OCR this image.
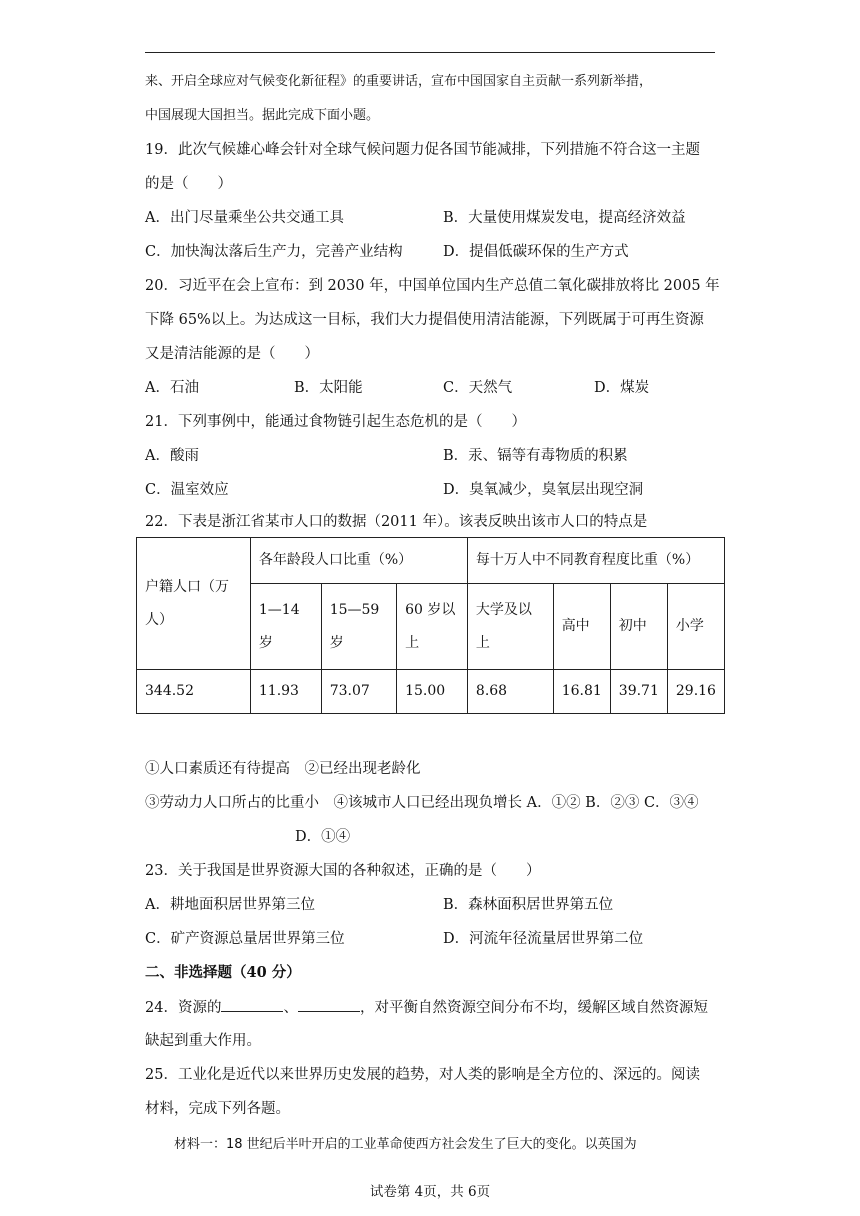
来、开启全球应对气候变化新征程》的重要讲话，宣布中国国家自主贡献一系列新举措，
中国展现大国担当。据此完成下面小题。
19．此次气候雄心峰会针对全球气候问题力促各国节能减排，下列措施不符合这一主题
的是（　　）
A．出门尽量乘坐公共交通工具	B．大量使用煤炭发电，提高经济效益
C．加快淘汰落后生产力，完善产业结构	D．提倡低碳环保的生产方式
20．习近平在会上宣布：到 2030 年，中国单位国内生产总值二氧化碳排放将比 2005 年
下降 65%以上。为达成这一目标，我们大力提倡使用清洁能源，下列既属于可再生资源
又是清洁能源的是（　　）
A．石油	B．太阳能	C．天然气	D．煤炭
21．下列事例中，能通过食物链引起生态危机的是（　　）
A．酸雨	B．汞、镉等有毒物质的积累
C．温室效应	D．臭氧减少，臭氧层出现空洞
22．下表是浙江省某市人口的数据（2011 年）。该表反映出该市人口的特点是
户籍人口（万人）	各年龄段人口比重（%）			每十万人中不同教育程度比重（%）			
	1—14岁	15—59岁	60 岁以上	大学及以上	高中	初中	小学
344.52	11.93	73.07	15.00	8.68	16.81	39.71	29.16
①人口素质还有待提高　②已经出现老龄化
③劳动力人口所占的比重小　④该城市人口已经出现负增长 A．①② B．②③ C．③④
D．①④
23．关于我国是世界资源大国的各种叙述，正确的是（　　）
A．耕地面积居世界第三位	B．森林面积居世界第五位
C．矿产资源总量居世界第三位	D．河流年径流量居世界第二位
二、非选择题（40 分）
24．资源的	、	，对平衡自然资源空间分布不均，缓解区域自然资源短
缺起到重大作用。
25．工业化是近代以来世界历史发展的趋势，对人类的影响是全方位的、深远的。阅读
材料，完成下列各题。
材料一：18 世纪后半叶开启的工业革命使西方社会发生了巨大的变化。以英国为
试卷第 4页，共 6页
